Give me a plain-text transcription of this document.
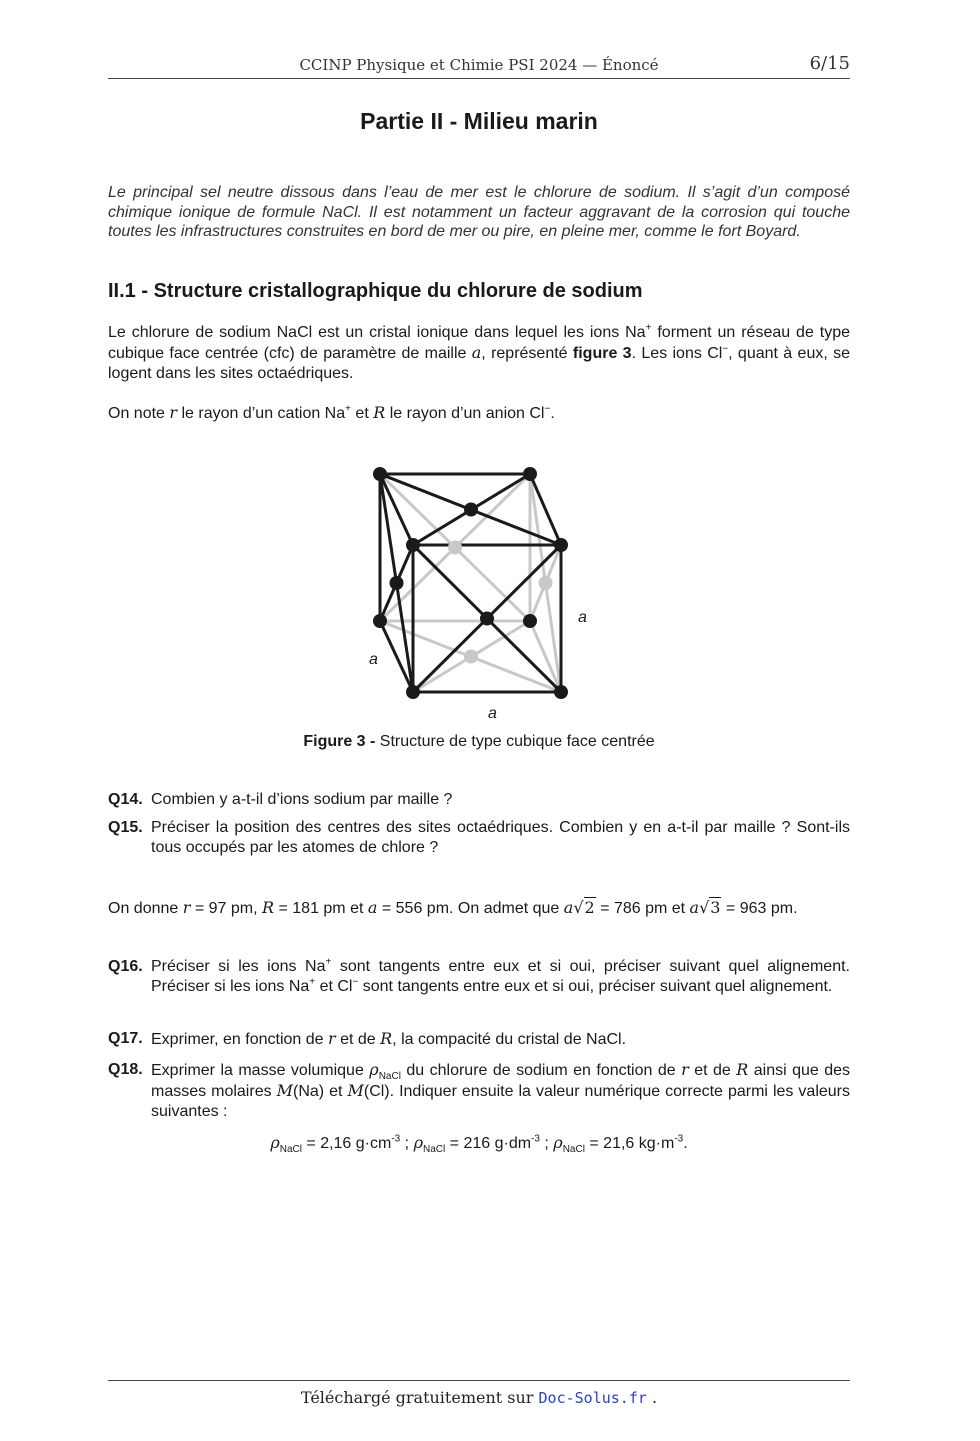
CCINP Physique et Chimie PSI 2024 — Énoncé	6/15
Partie II - Milieu marin
Le principal sel neutre dissous dans l’eau de mer est le chlorure de sodium. Il s’agit d’un composé chimique ionique de formule NaCl. Il est notamment un facteur aggravant de la corrosion qui touche toutes les infrastructures construites en bord de mer ou pire, en pleine mer, comme le fort Boyard.
II.1 - Structure cristallographique du chlorure de sodium
Le chlorure de sodium NaCl est un cristal ionique dans lequel les ions Na+ forment un réseau de type cubique face centrée (cfc) de paramètre de maille a, représenté figure 3. Les ions Cl−, quant à eux, se logent dans les sites octaédriques.
On note r le rayon d’un cation Na+ et R le rayon d’un anion Cl−.
a
a
a
Figure 3 - Structure de type cubique face centrée
Q14. Combien y a-t-il d’ions sodium par maille ?
Q15. Préciser la position des centres des sites octaédriques. Combien y en a-t-il par maille ? Sont-ils tous occupés par les atomes de chlore ?
On donne r = 97 pm, R = 181 pm et a = 556 pm. On admet que a√2 = 786 pm et a√3 = 963 pm.
Q16. Préciser si les ions Na+ sont tangents entre eux et si oui, préciser suivant quel alignement. Préciser si les ions Na+ et Cl− sont tangents entre eux et si oui, préciser suivant quel alignement.
Q17. Exprimer, en fonction de r et de R, la compacité du cristal de NaCl.
Q18. Exprimer la masse volumique $\rho_{NaCl}$ du chlorure de sodium en fonction de r et de R ainsi que des masses molaires M(Na) et M(Cl). Indiquer ensuite la valeur numérique correcte parmi les valeurs suivantes :
$\rho_{NaCl} = 2,16$ $g\cdot cm^{-3}$ ; $\rho_{NaCl} = 216$ $g\cdot dm^{-3}$ ; $\rho_{NaCl} = 21,6$ $kg\cdot m^{-3}$.
Téléchargé gratuitement sur Doc-Solus.fr .
